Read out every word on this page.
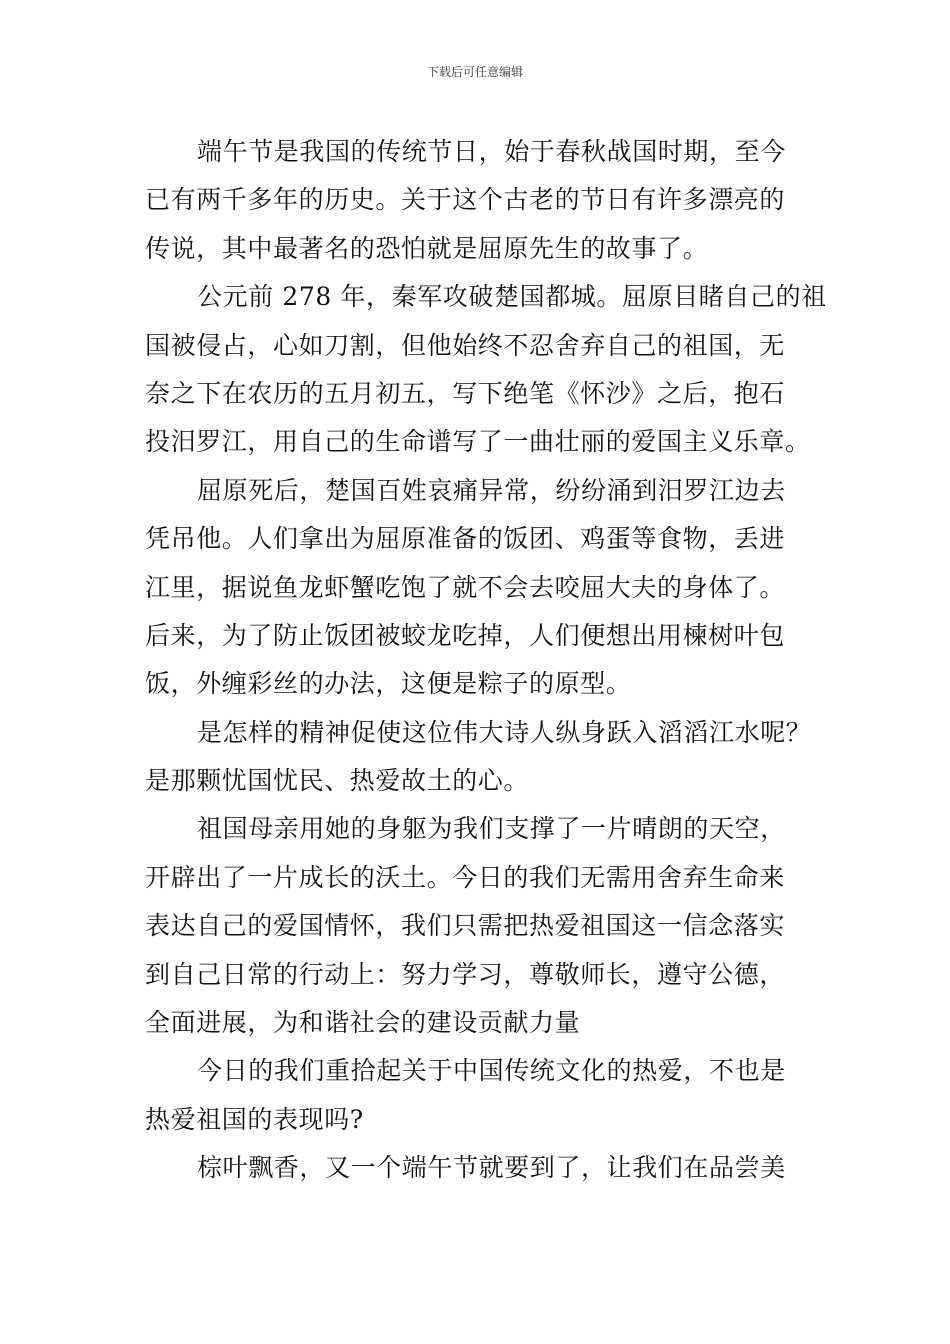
下载后可任意编辑
端午节是我国的传统节日，始于春秋战国时期，至今
已有两千多年的历史。关于这个古老的节日有许多漂亮的
传说，其中最著名的恐怕就是屈原先生的故事了。
公元前 278 年，秦军攻破楚国都城。屈原目睹自己的祖
国被侵占，心如刀割，但他始终不忍舍弃自己的祖国，无
奈之下在农历的五月初五，写下绝笔《怀沙》之后，抱石
投汨罗江，用自己的生命谱写了一曲壮丽的爱国主义乐章。
屈原死后，楚国百姓哀痛异常，纷纷涌到汨罗江边去
凭吊他。人们拿出为屈原准备的饭团、鸡蛋等食物，丢进
江里，据说鱼龙虾蟹吃饱了就不会去咬屈大夫的身体了。
后来，为了防止饭团被蛟龙吃掉，人们便想出用楝树叶包
饭，外缠彩丝的办法，这便是粽子的原型。
是怎样的精神促使这位伟大诗人纵身跃入滔滔江水呢？
是那颗忧国忧民、热爱故土的心。
祖国母亲用她的身躯为我们支撑了一片晴朗的天空，
开辟出了一片成长的沃土。今日的我们无需用舍弃生命来
表达自己的爱国情怀，我们只需把热爱祖国这一信念落实
到自己日常的行动上：努力学习，尊敬师长，遵守公德，
全面进展，为和谐社会的建设贡献力量
今日的我们重拾起关于中国传统文化的热爱，不也是
热爱祖国的表现吗?
棕叶飘香，又一个端午节就要到了，让我们在品尝美
